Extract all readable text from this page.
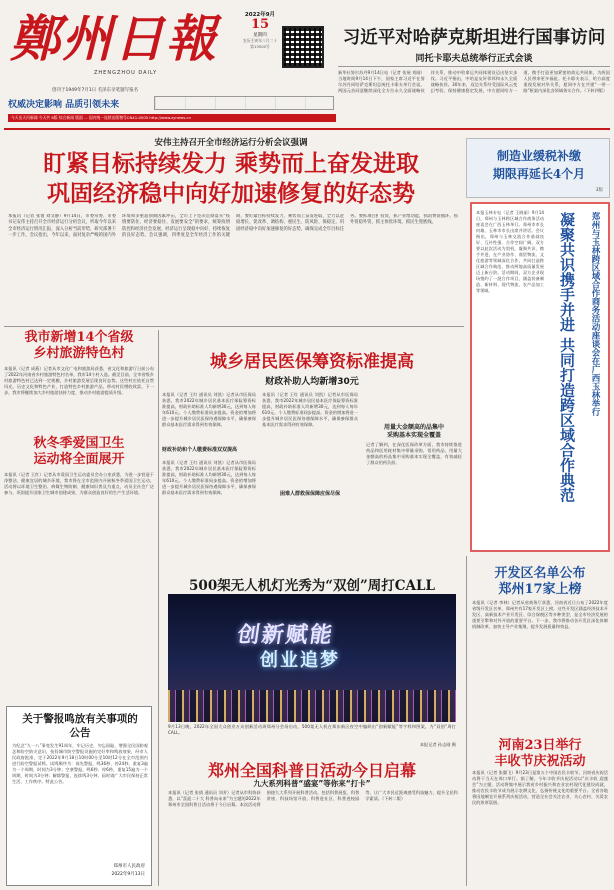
鄭州日報
ZHENGZHOU DAILY
2022年9月
15
星期四
农历壬寅年八月二十
第13500号
创刊于1949年7月1日 毛泽东亲笔题写报名
权威决定影响 品质引领未来
今天出天河新闻 今天共 8版 综合新闻 版面 ... 国内统一连续出版物号CN41-0005 http://www.zynews.cn
习近平对哈萨克斯坦进行国事访问
同托卡耶夫总统举行正式会谈
新华社努尔苏丹9月14日电（记者 张展 刘刚）当地时间9月14日下午，国家主席习近平在努尔苏丹同哈萨克斯坦总统托卡耶夫举行会谈。两国元首同意继续深化全方位永久全面战略伙伴关系，推动中哈命运共同体建设迈出坚实步伐。习近平指出，中哈是友好邻邦和永久全面战略伙伴。30年来，双边关系经受国际风云变幻考验，保持健康稳定发展。中方愿同哈方一道，携手打造更加紧密的命运共同体，为两国人民带来更多福祉。托卡耶夫表示，哈方高度重视发展对华关系，愿同中方在共建“一带一路”框架内深化各领域务实合作。（下转四版）
安伟主持召开全市经济运行分析会议强调
盯紧目标持续发力 乘势而上奋发进取
巩固经济稳中向好加速修复的好态势
本报讯（记者 张倩 刘文静）9月14日，市委常委、市委书记安伟主持召开全市经济运行分析会议，听取今年以来全市经济运行情况汇报，深入分析当前形势，研究部署下一步工作。会议指出，今年以来，面对复杂严峻的国内外环境和多重超预期因素冲击，全市上下坚决贯彻落实“疫情要防住、经济要稳住、发展要安全”的要求，统筹疫情防控和经济社会发展，经济运行呈现稳中向好、持续恢复的良好态势。会议强调，四季度是全年经济工作的关键期，要盯紧目标持续发力，乘势而上奋发进取，全力以赴稳增长、促改革、调结构、惠民生、防风险、保稳定，巩固经济稳中向好加速修复的好态势，确保完成全年目标任务。要抓项目扩投资，抓产业增动能，抓消费促循环，抓外贸稳外资，抓主体优环境，抓民生兜底线。
制造业缓税补缴
期限再延长4个月
3版
本报玉林专电（记者 王晓丽）9月14日，郑州与玉林跨区域合作商务活动座谈会在广西玉林举行。郑州市市长何雄，玉林市市长出席并讲话。会议指出，郑州与玉林交流合作基础良好、互补性强、合作空间广阔。双方要以此次活动为契机，凝聚共识、携手并进，在产业协作、商贸物流、文化旅游等领域深化合作，共同打造跨区域合作典范，推动两地高质量发展迈上新台阶。活动期间，双方企业现场签约了一批合作项目，涵盖装备制造、新材料、现代物流、农产品加工等领域。	凝聚共识携手并进 共同打造跨区域合作典范	郑州与玉林跨区域合作商务活动座谈会在广西玉林举行
我市新增14个省级
乡村旅游特色村
本报讯（记者 成燕）记者从市文化广电和旅游局获悉，省文化和旅游厅日前公布了2022年河南省乡村旅游特色村名单，我市14个村入选。截至目前，全市省级乡村旅游特色村已达到一定规模，乡村旅游发展呈现良好态势。这些村庄依托自然风光、历史文化和特色产业，打造特色乡村旅游产品，带动村民增收致富。下一步，我市将继续加大乡村旅游扶持力度，推动乡村旅游提质升级。
秋冬季爱国卫生
运动将全面展开
本报讯（记者 王红）记者从市爱国卫生运动委员会办公室获悉，为进一步营造干净整洁、健康宜居的城乡环境，我市将在全市范围内开展秋冬季爱国卫生运动。活动将以环境卫生整治、病媒生物防制、健康知识普及为重点，动员全社会广泛参与，巩固提升国家卫生城市创建成果，为群众创造良好的生产生活环境。
关于警报鸣放有关事项的
公告
为纪念“九一八”事变发生91周年，牢记历史，勿忘国耻，增强全民国防观念和防空防灾意识，检验城市防空警报设施的完好率和鸣放效果，经市人民政府批准，定于2022年9月18日10时00分至10时12分在全市范围内进行防空警报试鸣。试鸣顺序为：预先警报，鸣36秒、停24秒，重复3遍为一个周期，时间为3分钟；空袭警报，鸣6秒、停6秒，重复15遍为一个周期，时间为3分钟；解除警报，连续鸣3分钟。届时请广大市民保持正常生活、工作秩序。特此公告。
郑州市人民政府
2022年9月13日
城乡居民医保筹资标准提高
财政补助人均新增30元
本报讯（记者 王红 通讯员 刘凯）记者从市医保局获悉，我市2022年城乡居民基本医疗保险筹资标准提高，财政补助标准人均新增30元，达到每人每年610元。个人缴费标准同步提高。资金的增加将进一步提升城乡居民医保待遇保障水平，确保参保群众基本医疗需求得到有效保障。
财政补助和个人缴费标准双双提高
本报讯（记者 王红 通讯员 刘凯）记者从市医保局获悉，我市2022年城乡居民基本医疗保险筹资标准提高，财政补助标准人均新增30元，达到每人每年610元。个人缴费标准同步提高。资金的增加将进一步提升城乡居民医保待遇保障水平，确保参保群众基本医疗需求得到有效保障。
本报讯（记者 王红 通讯员 刘凯）记者从市医保局获悉，我市2022年城乡居民基本医疗保险筹资标准提高，财政补助标准人均新增30元，达到每人每年610元。个人缴费标准同步提高。资金的增加将进一步提升城乡居民医保待遇保障水平，确保参保群众基本医疗需求得到有效保障。	用量大金额高的品集中
采购基本实现全覆盖
记者了解到，在深化医保改革方面，我市持续推进药品和医用耗材集中带量采购，常用药品、用量大金额高的药品集中采购基本实现全覆盖，有效减轻了群众用药负担。
困难人群救保保障应保尽保
500架无人机灯光秀为“双创”周打CALL
创新赋能
创业追梦
9月13日晚，2022年全国大众创业万众创新活动周郑州分会场启动，500架无人机在郑东新区夜空中编织出“创新赋能”等字样和图案，为“双创”周打CALL。
本报记者 孙志刚 摄
郑州全国科普日活动今日启幕
九大系列科普“盛宴”等你来“打卡”
本报讯（记者 张倩 通讯员 刘芳）记者从市科协获悉，以“喜迎二十大 科普向未来”为主题的2022年郑州市全国科普日活动将于今日启幕。本次活动将围绕九大系列开展科普活动，包括科普展览、科普讲座、科技场馆开放、科普进社区、科普进校园等，让广大市民近距离感受科技魅力，提升全民科学素质。（下转二版）
开发区名单公布
郑州17家上榜
本报讯（记者 李林）记者从省商务厅获悉，河南省近日公布了2022年度省级开发区名单，郑州共有17家开发区上榜。这些开发区涵盖经济技术开发区、高新技术产业开发区、综合保税区等多种类型，是全市经济发展的重要引擎和对外开放的重要平台。下一步，我市将推动各开发区深化体制机制改革，加快主导产业集聚，提升发展质量和效益。
河南23日举行
丰收节庆祝活动
本报讯（记者 张翼飞）9月23日是第五个中国农民丰收节，河南省庆祝活动将于当天在周口举行。据了解，今年丰收节庆祝活动以“庆丰收 迎盛会”为主题，活动将集中展示我省乡村振兴和农业农村现代化建设成就，推动农民丰收节成为展示农耕文化、弘扬传统文化的重要平台。全省各地将因地制宜开展系列庆祝活动，营造全社会关注农业、关心农村、关爱农民的浓厚氛围。
